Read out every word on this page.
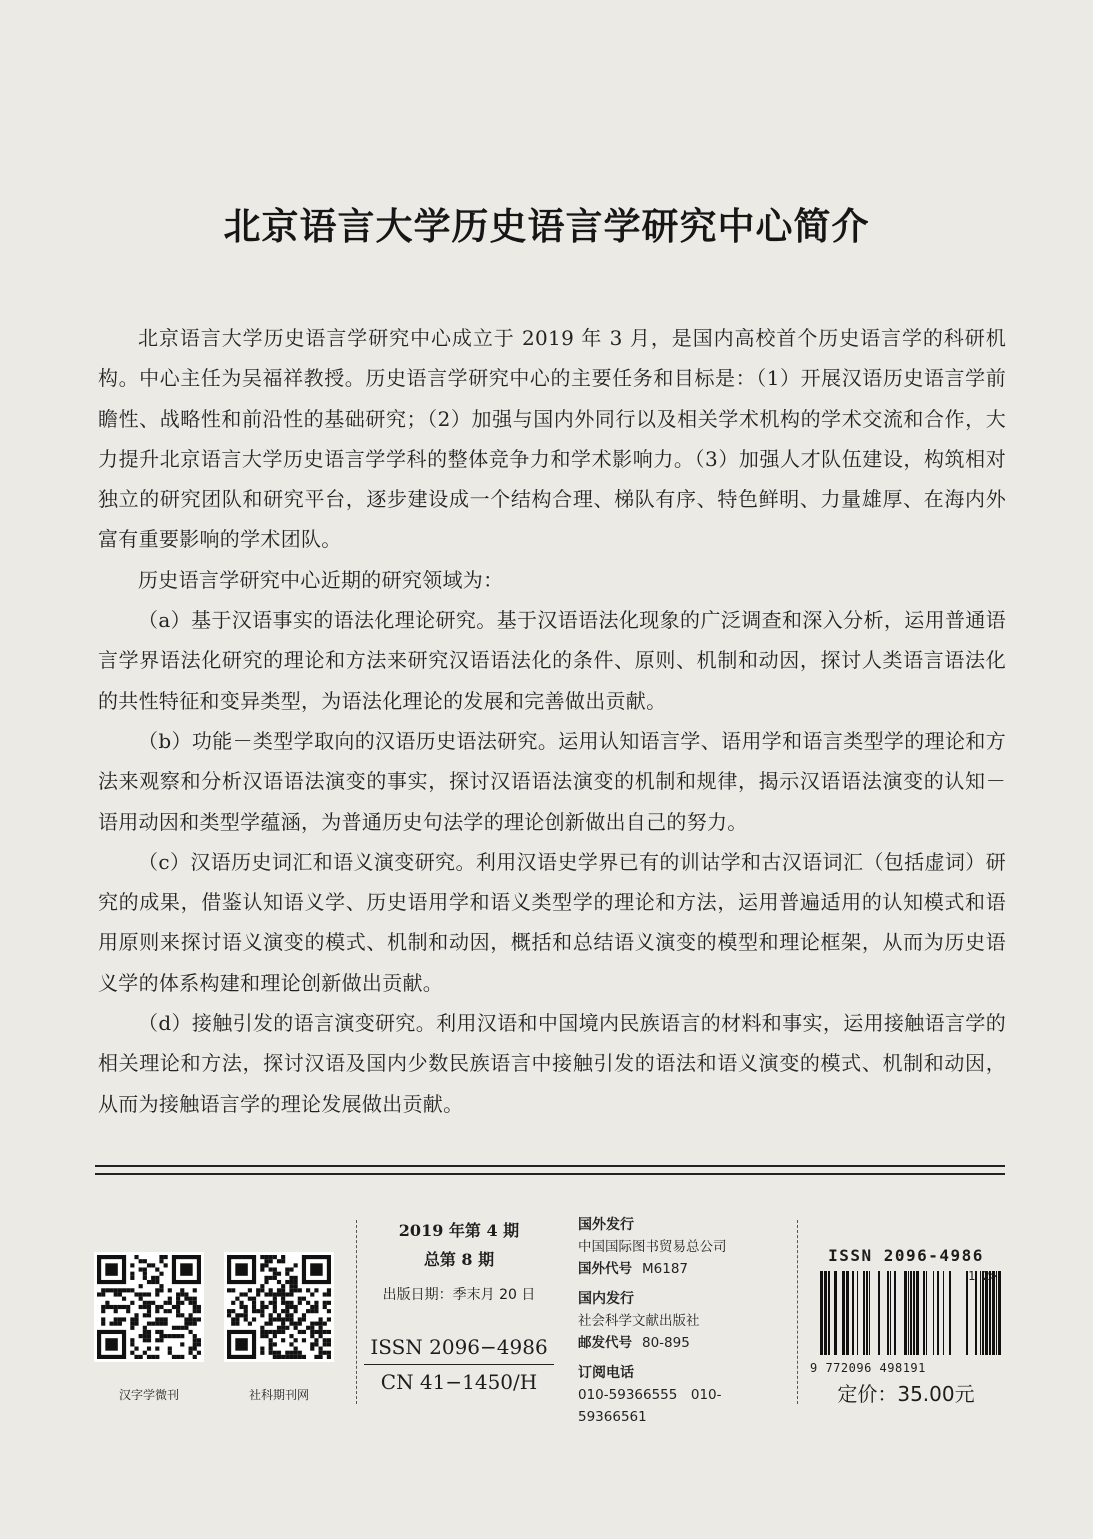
北京语言大学历史语言学研究中心简介

北京语言大学历史语言学研究中心成立于 2019 年 3 月，是国内高校首个历史语言学的科研机构。中心主任为吴福祥教授。历史语言学研究中心的主要任务和目标是：（1）开展汉语历史语言学前瞻性、战略性和前沿性的基础研究；（2）加强与国内外同行以及相关学术机构的学术交流和合作，大力提升北京语言大学历史语言学学科的整体竞争力和学术影响力。（3）加强人才队伍建设，构筑相对独立的研究团队和研究平台，逐步建设成一个结构合理、梯队有序、特色鲜明、力量雄厚、在海内外富有重要影响的学术团队。

历史语言学研究中心近期的研究领域为：

（a）基于汉语事实的语法化理论研究。基于汉语语法化现象的广泛调查和深入分析，运用普通语言学界语法化研究的理论和方法来研究汉语语法化的条件、原则、机制和动因，探讨人类语言语法化的共性特征和变异类型，为语法化理论的发展和完善做出贡献。

（b）功能－类型学取向的汉语历史语法研究。运用认知语言学、语用学和语言类型学的理论和方法来观察和分析汉语语法演变的事实，探讨汉语语法演变的机制和规律，揭示汉语语法演变的认知－语用动因和类型学蕴涵，为普通历史句法学的理论创新做出自己的努力。

（c）汉语历史词汇和语义演变研究。利用汉语史学界已有的训诂学和古汉语词汇（包括虚词）研究的成果，借鉴认知语义学、历史语用学和语义类型学的理论和方法，运用普遍适用的认知模式和语用原则来探讨语义演变的模式、机制和动因，概括和总结语义演变的模型和理论框架，从而为历史语义学的体系构建和理论创新做出贡献。

（d）接触引发的语言演变研究。利用汉语和中国境内民族语言的材料和事实，运用接触语言学的相关理论和方法，探讨汉语及国内少数民族语言中接触引发的语法和语义演变的模式、机制和动因，从而为接触语言学的理论发展做出贡献。

汉字学微刊	社科期刊网
2019 年第 4 期
总第 8 期
出版日期：季末月 20 日
ISSN 2096−4986
CN 41−1450/H
国外发行
中国国际图书贸易总公司
国外代号 M6187
国内发行
社会科学文献出版社
邮发代号 80-895
订阅电话
010-59366555　010-59366561
ISSN 2096-4986
1 2>
9 772096 498191
定价：35.00元
